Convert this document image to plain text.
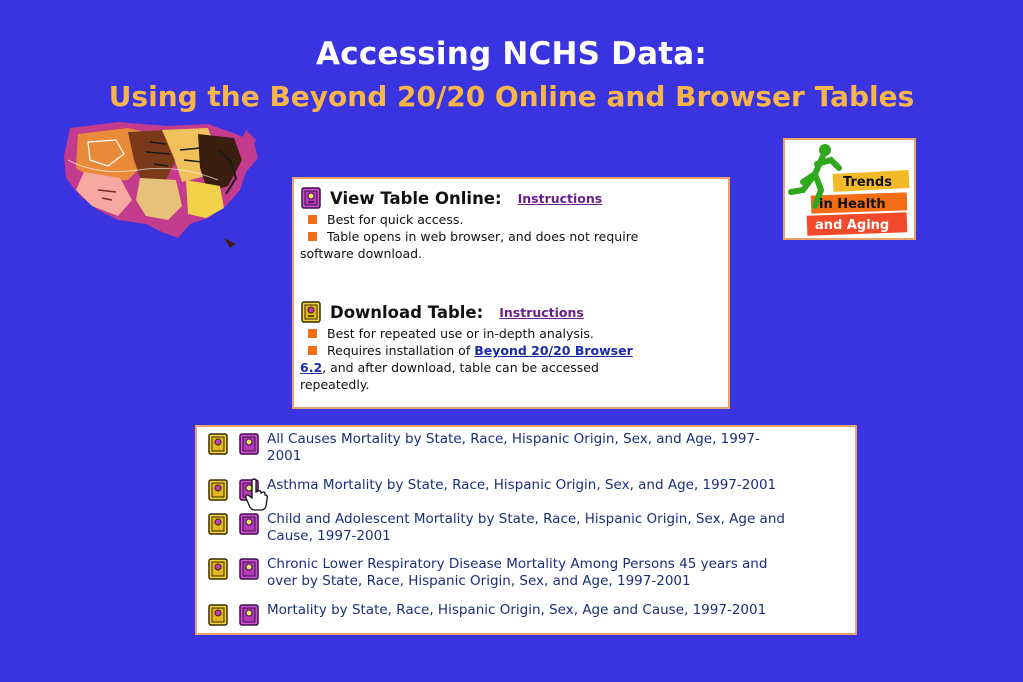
Accessing NCHS Data:
Using the Beyond 20/20 Online and Browser Tables
Trends
in Health
and Aging
View Table Online: Instructions
Best for quick access.
Table opens in web browser, and does not require
software download.
Download Table: Instructions
Best for repeated use or in-depth analysis.
Requires installation of Beyond 20/20 Browser
6.2, and after download, table can be accessed
repeatedly.
All Causes Mortality by State, Race, Hispanic Origin, Sex, and Age, 1997-
2001
Asthma Mortality by State, Race, Hispanic Origin, Sex, and Age, 1997-2001
Child and Adolescent Mortality by State, Race, Hispanic Origin, Sex, Age and
Cause, 1997-2001
Chronic Lower Respiratory Disease Mortality Among Persons 45 years and
over by State, Race, Hispanic Origin, Sex, and Age, 1997-2001
Mortality by State, Race, Hispanic Origin, Sex, Age and Cause, 1997-2001
